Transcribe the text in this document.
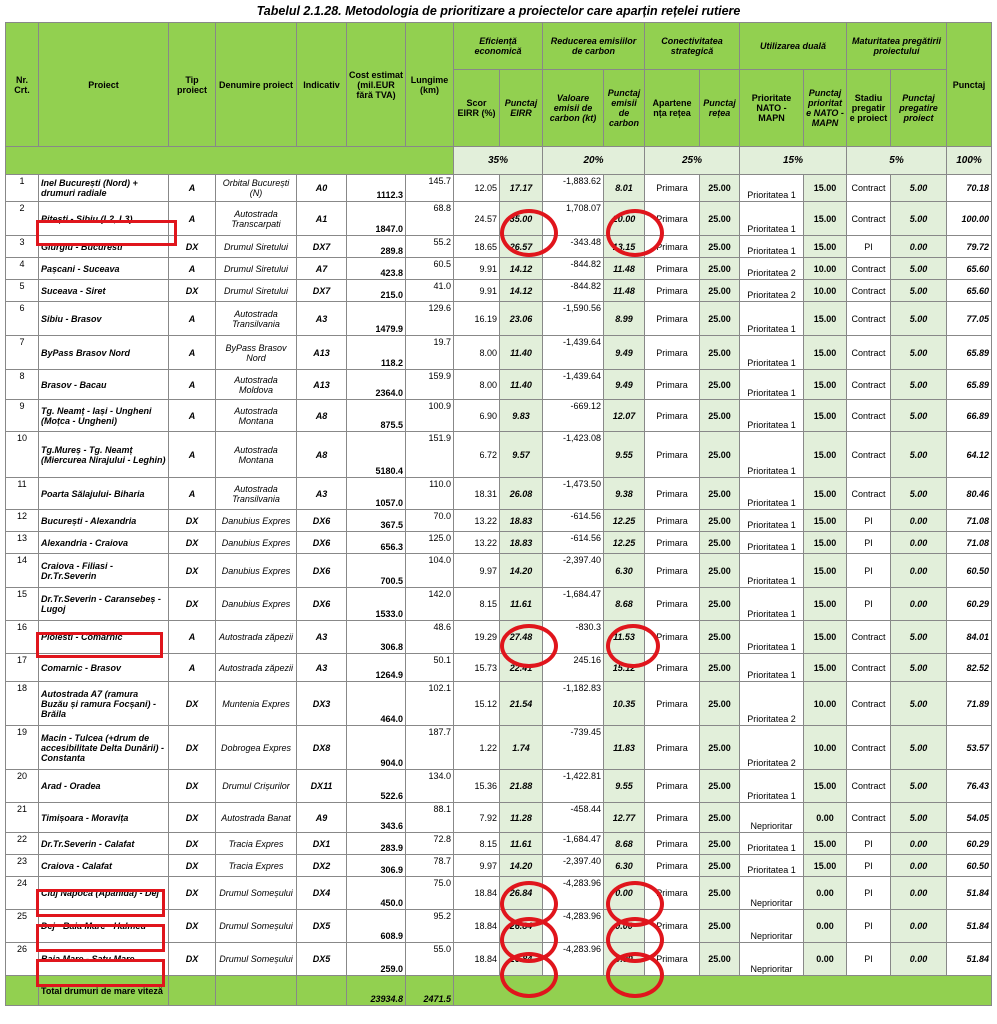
Tabelul 2.1.28. Metodologia de prioritizare a proiectelor care aparțin rețelei rutiere
Nr. Crt.	Proiect	Tip proiect	Denumire proiect	Indicativ	Cost estimat (mil.EUR fără TVA)	Lungime (km)	Eficiență economică		Reducerea emisiilor de carbon		Conectivitatea strategică		Utilizarea duală		Maturitatea pregătirii proiectului		Punctaj
							Scor EIRR (%)	Punctaj EIRR	Valoare emisii de carbon (kt)	Punctaj emisii de carbon	Apartene nța rețea	Punctaj rețea	Prioritate NATO - MAPN	Punctaj prioritat e NATO - MAPN	Stadiu pregatir e proiect	Punctaj pregatire proiect	
							35%		20%		25%		15%		5%		100%
1	Inel București (Nord) + drumuri radiale	A	Orbital București (N)	A0	1112.3	145.7	12.05	17.17	-1,883.62	8.01	Primara	25.00	Prioritatea 1	15.00	Contract	5.00	70.18
2	Pitești - Sibiu (L2, L3)	A	Autostrada Transcarpati	A1	1847.0	68.8	24.57	35.00	1,708.07	20.00	Primara	25.00	Prioritatea 1	15.00	Contract	5.00	100.00
3	Giurgiu - Bucuresti	DX	Drumul Siretului	DX7	289.8	55.2	18.65	26.57	-343.48	13.15	Primara	25.00	Prioritatea 1	15.00	PI	0.00	79.72
4	Pașcani - Suceava	A	Drumul Siretului	A7	423.8	60.5	9.91	14.12	-844.82	11.48	Primara	25.00	Prioritatea 2	10.00	Contract	5.00	65.60
5	Suceava - Siret	DX	Drumul Siretului	DX7	215.0	41.0	9.91	14.12	-844.82	11.48	Primara	25.00	Prioritatea 2	10.00	Contract	5.00	65.60
6	Sibiu - Brasov	A	Autostrada Transilvania	A3	1479.9	129.6	16.19	23.06	-1,590.56	8.99	Primara	25.00	Prioritatea 1	15.00	Contract	5.00	77.05
7	ByPass Brasov Nord	A	ByPass Brasov Nord	A13	118.2	19.7	8.00	11.40	-1,439.64	9.49	Primara	25.00	Prioritatea 1	15.00	Contract	5.00	65.89
8	Brasov - Bacau	A	Autostrada Moldova	A13	2364.0	159.9	8.00	11.40	-1,439.64	9.49	Primara	25.00	Prioritatea 1	15.00	Contract	5.00	65.89
9	Tg. Neamț - Iași - Ungheni (Moțca - Ungheni)	A	Autostrada Montana	A8	875.5	100.9	6.90	9.83	-669.12	12.07	Primara	25.00	Prioritatea 1	15.00	Contract	5.00	66.89
10	Tg.Mureș - Tg. Neamț (Miercurea Nirajului - Leghin)	A	Autostrada Montana	A8	5180.4	151.9	6.72	9.57	-1,423.08	9.55	Primara	25.00	Prioritatea 1	15.00	Contract	5.00	64.12
11	Poarta Sălajului- Biharia	A	Autostrada Transilvania	A3	1057.0	110.0	18.31	26.08	-1,473.50	9.38	Primara	25.00	Prioritatea 1	15.00	Contract	5.00	80.46
12	București - Alexandria	DX	Danubius Expres	DX6	367.5	70.0	13.22	18.83	-614.56	12.25	Primara	25.00	Prioritatea 1	15.00	PI	0.00	71.08
13	Alexandria - Craiova	DX	Danubius Expres	DX6	656.3	125.0	13.22	18.83	-614.56	12.25	Primara	25.00	Prioritatea 1	15.00	PI	0.00	71.08
14	Craiova - Filiasi - Dr.Tr.Severin	DX	Danubius Expres	DX6	700.5	104.0	9.97	14.20	-2,397.40	6.30	Primara	25.00	Prioritatea 1	15.00	PI	0.00	60.50
15	Dr.Tr.Severin - Caransebeș - Lugoj	DX	Danubius Expres	DX6	1533.0	142.0	8.15	11.61	-1,684.47	8.68	Primara	25.00	Prioritatea 1	15.00	PI	0.00	60.29
16	Ploiesti - Comarnic	A	Autostrada zăpezii	A3	306.8	48.6	19.29	27.48	-830.3	11.53	Primara	25.00	Prioritatea 1	15.00	Contract	5.00	84.01
17	Comarnic - Brasov	A	Autostrada zăpezii	A3	1264.9	50.1	15.73	22.41	245.16	15.12	Primara	25.00	Prioritatea 1	15.00	Contract	5.00	82.52
18	Autostrada A7 (ramura Buzău și ramura Focșani) - Brăila	DX	Muntenia Expres	DX3	464.0	102.1	15.12	21.54	-1,182.83	10.35	Primara	25.00	Prioritatea 2	10.00	Contract	5.00	71.89
19	Macin - Tulcea (+drum de accesibilitate Delta Dunării) - Constanta	DX	Dobrogea Expres	DX8	904.0	187.7	1.22	1.74	-739.45	11.83	Primara	25.00	Prioritatea 2	10.00	Contract	5.00	53.57
20	Arad - Oradea	DX	Drumul Crișurilor	DX11	522.6	134.0	15.36	21.88	-1,422.81	9.55	Primara	25.00	Prioritatea 1	15.00	Contract	5.00	76.43
21	Timișoara - Moravița	DX	Autostrada Banat	A9	343.6	88.1	7.92	11.28	-458.44	12.77	Primara	25.00	Neprioritar	0.00	Contract	5.00	54.05
22	Dr.Tr.Severin - Calafat	DX	Tracia Expres	DX1	283.9	72.8	8.15	11.61	-1,684.47	8.68	Primara	25.00	Prioritatea 1	15.00	PI	0.00	60.29
23	Craiova - Calafat	DX	Tracia Expres	DX2	306.9	78.7	9.97	14.20	-2,397.40	6.30	Primara	25.00	Prioritatea 1	15.00	PI	0.00	60.50
24	Cluj Napoca (Apahida) - Dej	DX	Drumul Someșului	DX4	450.0	75.0	18.84	26.84	-4,283.96	0.00	Primara	25.00	Neprioritar	0.00	PI	0.00	51.84
25	Dej - Baia Mare - Halmeu	DX	Drumul Someșului	DX5	608.9	95.2	18.84	26.84	-4,283.96	0.00	Primara	25.00	Neprioritar	0.00	PI	0.00	51.84
26	Baia Mare - Satu Mare	DX	Drumul Someșului	DX5	259.0	55.0	18.84	26.84	-4,283.96	0.00	Primara	25.00	Neprioritar	0.00	PI	0.00	51.84
	Total drumuri de mare viteză				23934.8	2471.5											
